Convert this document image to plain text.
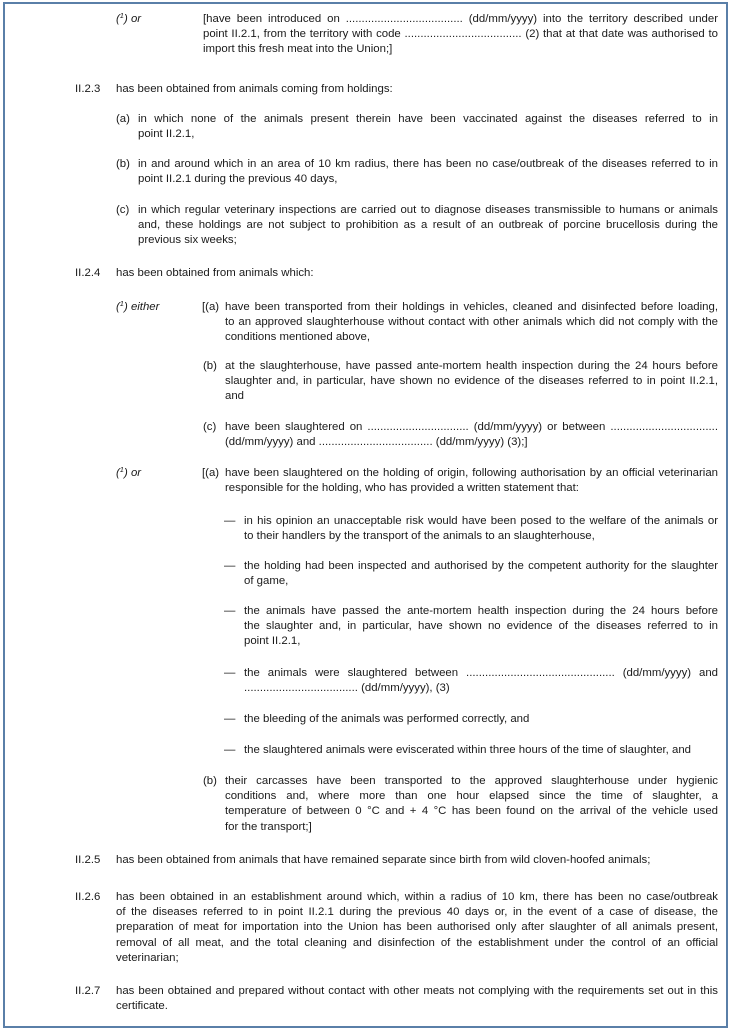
($^1$) or	[have been introduced on ..................................... (dd/mm/yyyy) into the territory described under
point II.2.1, from the territory with code ..................................... (2) that at that date was authorised to
import this fresh meat into the Union;]
II.2.3 has been obtained from animals coming from holdings:
(a) in which none of the animals present therein have been vaccinated against the diseases referred to in
point II.2.1,
(b) in and around which in an area of 10 km radius, there has been no case/outbreak of the diseases referred to in
point II.2.1 during the previous 40 days,
(c) in which regular veterinary inspections are carried out to diagnose diseases transmissible to humans or animals
and, these holdings are not subject to prohibition as a result of an outbreak of porcine brucellosis during the
previous six weeks;
II.2.4 has been obtained from animals which:
($^1$) either	[(a) have been transported from their holdings in vehicles, cleaned and disinfected before loading,
to an approved slaughterhouse without contact with other animals which did not comply with the
conditions mentioned above,
(b) at the slaughterhouse, have passed ante-mortem health inspection during the 24 hours before
slaughter and, in particular, have shown no evidence of the diseases referred to in point II.2.1,
and
(c) have been slaughtered on ................................ (dd/mm/yyyy) or between ..................................
(dd/mm/yyyy) and .................................... (dd/mm/yyyy) (3);]
($^1$) or	[(a) have been slaughtered on the holding of origin, following authorisation by an official veterinarian
responsible for the holding, who has provided a written statement that:
— in his opinion an unacceptable risk would have been posed to the welfare of the animals or
to their handlers by the transport of the animals to an slaughterhouse,
— the holding had been inspected and authorised by the competent authority for the slaughter
of game,
— the animals have passed the ante-mortem health inspection during the 24 hours before
the slaughter and, in particular, have shown no evidence of the diseases referred to in
point II.2.1,
— the animals were slaughtered between ............................................... (dd/mm/yyyy) and
.................................... (dd/mm/yyyy), (3)
— the bleeding of the animals was performed correctly, and
— the slaughtered animals were eviscerated within three hours of the time of slaughter, and
(b) their carcasses have been transported to the approved slaughterhouse under hygienic
conditions and, where more than one hour elapsed since the time of slaughter, a
temperature of between 0 °C and + 4 °C has been found on the arrival of the vehicle used
for the transport;]
II.2.5 has been obtained from animals that have remained separate since birth from wild cloven-hoofed animals;
II.2.6 has been obtained in an establishment around which, within a radius of 10 km, there has been no case/outbreak
of the diseases referred to in point II.2.1 during the previous 40 days or, in the event of a case of disease, the
preparation of meat for importation into the Union has been authorised only after slaughter of all animals present,
removal of all meat, and the total cleaning and disinfection of the establishment under the control of an official
veterinarian;
II.2.7 has been obtained and prepared without contact with other meats not complying with the requirements set out in this
certificate.
